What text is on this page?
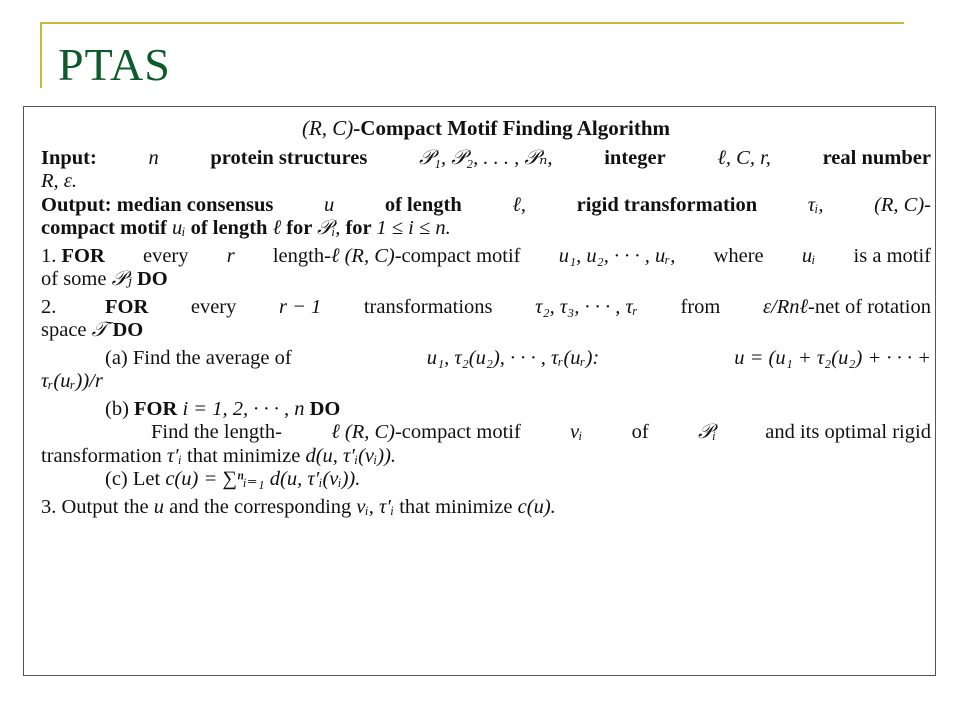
PTAS
(R, C)-Compact Motif Finding Algorithm
Input:	n	protein structures	𝒫₁, 𝒫₂, . . . , 𝒫ₙ,	integer	ℓ, C, r,	real number
R, ε.
Output: median consensus u of length ℓ, rigid transformation τᵢ, (R, C)-
compact motif uᵢ of length ℓ for 𝒫ᵢ, for 1 ≤ i ≤ n.
1. FOR every r length-ℓ (R, C)-compact motif u₁, u₂, · · · , uᵣ, where uᵢ is a motif
of some 𝒫ⱼ DO
2. FOR every r − 1 transformations τ₂, τ₃, · · · , τᵣ from ε/Rnℓ-net of rotation
space 𝒯 DO
(a) Find the average of	u₁, τ₂(u₂), · · · , τᵣ(uᵣ):	u = (u₁ + τ₂(u₂) + · · · +
τᵣ(uᵣ))/r
(b) FOR i = 1, 2, · · · , n DO
Find the length- ℓ (R, C)-compact motif vᵢ of 𝒫ᵢ and its optimal rigid
transformation τ′ᵢ that minimize d(u, τ′ᵢ(vᵢ)).
(c) Let c(u) = ∑ⁿᵢ₌₁ d(u, τ′ᵢ(vᵢ)).
3. Output the u and the corresponding vᵢ, τ′ᵢ that minimize c(u).
